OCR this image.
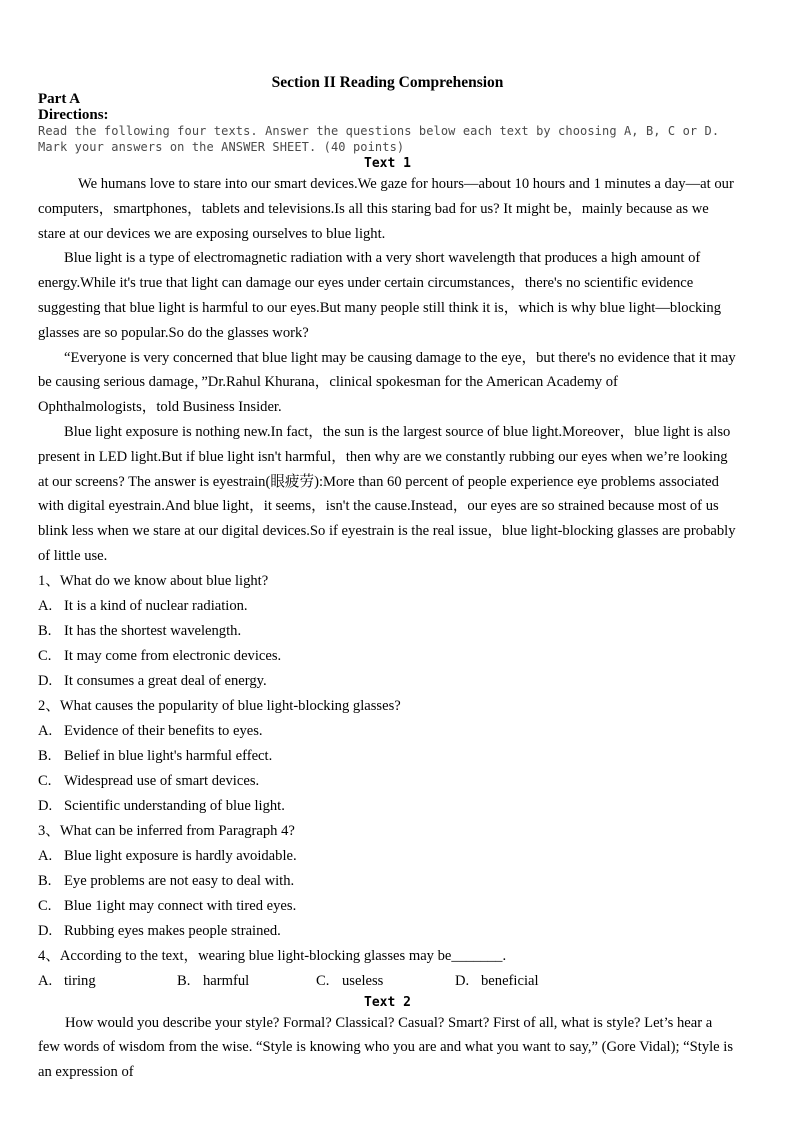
Section II Reading Comprehension
Part A
Directions:
Read the following four texts. Answer the questions below each text by choosing A, B, C or D. Mark your answers on the ANSWER SHEET. (40 points)
Text 1

We humans love to stare into our smart devices.We gaze for hours—about 10 hours and 1 minutes a day—at our computers，smartphones，tablets and televisions.Is all this staring bad for us? It might be，mainly because as we stare at our devices we are exposing ourselves to blue light.

Blue light is a type of electromagnetic radiation with a very short wavelength that produces a high amount of energy.While it's true that light can damage our eyes under certain circumstances，there's no scientific evidence suggesting that blue light is harmful to our eyes.But many people still think it is，which is why blue light—blocking glasses are so popular.So do the glasses work?

“Everyone is very concerned that blue light may be causing damage to the eye，but there's no evidence that it may be causing serious damage，”Dr.Rahul Khurana，clinical spokesman for the American Academy of Ophthalmologists，told Business Insider.

Blue light exposure is nothing new.In fact，the sun is the largest source of blue light.Moreover，blue light is also present in LED light.But if blue light isn't harmful，then why are we constantly rubbing our eyes when we’re looking at our screens? The answer is eyestrain(眼疲劳):More than 60 percent of people experience eye problems associated with digital eyestrain.And blue light，it seems，isn't the cause.Instead，our eyes are so strained because most of us blink less when we stare at our digital devices.So if eyestrain is the real issue，blue light-blocking glasses are probably of little use.

1、What do we know about blue light?

A. It is a kind of nuclear radiation.

B. It has the shortest wavelength.

C. It may come from electronic devices.

D. It consumes a great deal of energy.

2、What causes the popularity of blue light-blocking glasses?

A. Evidence of their benefits to eyes.

B. Belief in blue light's harmful effect.

C. Widespread use of smart devices.

D. Scientific understanding of blue light.

3、What can be inferred from Paragraph 4?

A. Blue light exposure is hardly avoidable.

B. Eye problems are not easy to deal with.

C. Blue 1ight may connect with tired eyes.

D. Rubbing eyes makes people strained.

4、According to the text，wearing blue light-blocking glasses may be_______.

A. tiring	B. harmful	C. useless	D. beneficial

Text 2

How would you describe your style? Formal? Classical? Casual? Smart? First of all, what is style? Let’s hear a few words of wisdom from the wise. “Style is knowing who you are and what you want to say,” (Gore Vidal); “Style is an expression of
